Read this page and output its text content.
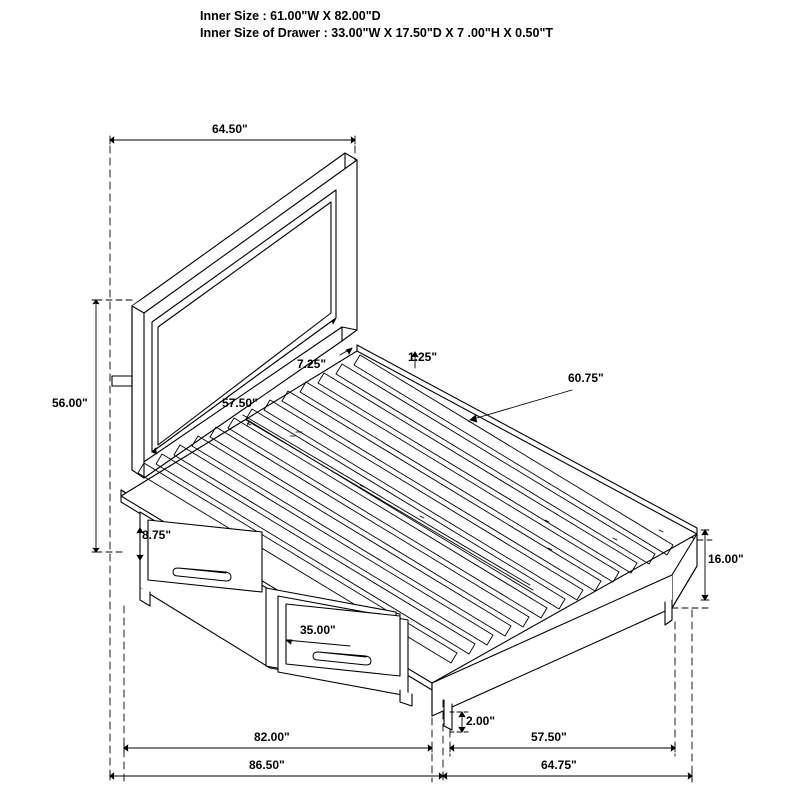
Inner Size : 61.00"W X 82.00"D
Inner Size of Drawer : 33.00"W X 17.50"D X 7 .00"H X 0.50"T
64.50"
56.00"	57.50"
7.25"	1.25"
60.75"
8.75"
35.00"
16.00"
2.00"
82.00"	57.50"
86.50"	64.75"
